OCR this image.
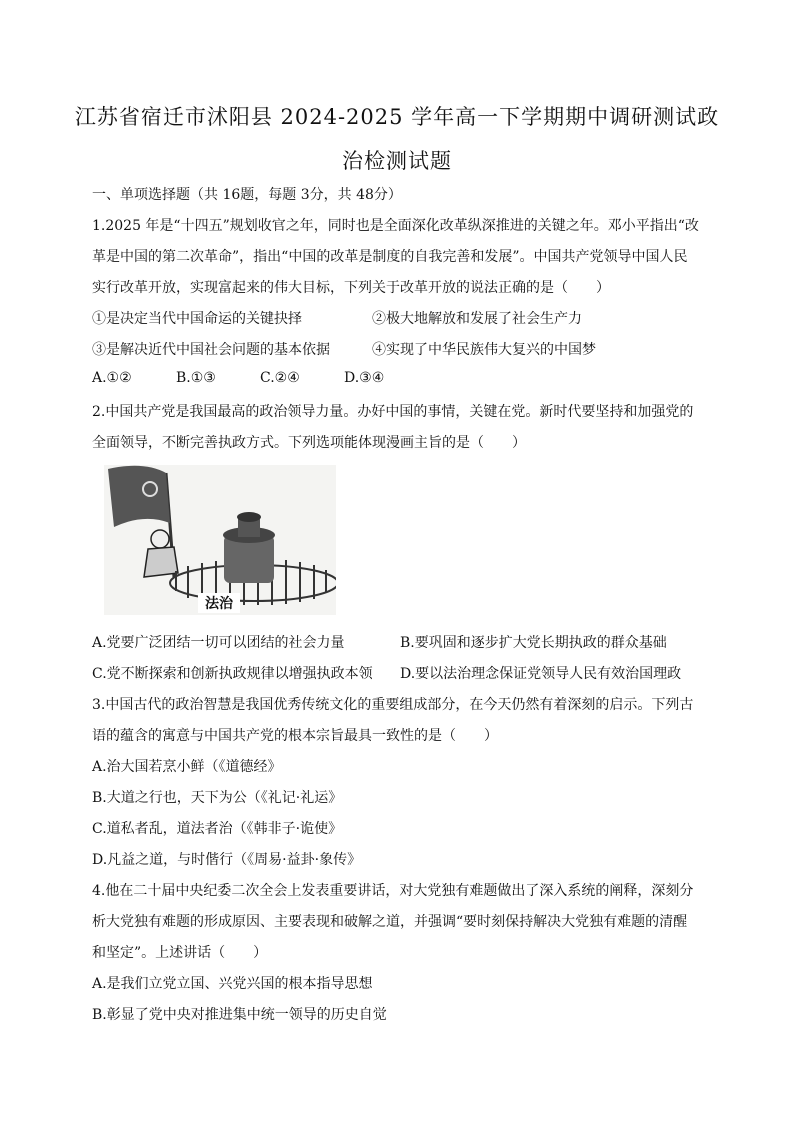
江苏省宿迁市沭阳县 2024-2025 学年高一下学期期中调研测试政
治检测试题
一、单项选择题（共 16题，每题 3分，共 48分）
1.2025 年是“十四五”规划收官之年，同时也是全面深化改革纵深推进的关键之年。邓小平指出“改
革是中国的第二次革命”，指出“中国的改革是制度的自我完善和发展”。中国共产党领导中国人民
实行改革开放，实现富起来的伟大目标，下列关于改革开放的说法正确的是（　　）
①是决定当代中国命运的关键抉择	②极大地解放和发展了社会生产力
③是解决近代中国社会问题的基本依据	④实现了中华民族伟大复兴的中国梦
A.①②	B.①③	C.②④	D.③④
2.中国共产党是我国最高的政治领导力量。办好中国的事情，关键在党。新时代要坚持和加强党的
全面领导，不断完善执政方式。下列选项能体现漫画主旨的是（　　）
法治
A.党要广泛团结一切可以团结的社会力量	B.要巩固和逐步扩大党长期执政的群众基础
C.党不断探索和创新执政规律以增强执政本领 D.要以法治理念保证党领导人民有效治国理政
3.中国古代的政治智慧是我国优秀传统文化的重要组成部分，在今天仍然有着深刻的启示。下列古
语的蕴含的寓意与中国共产党的根本宗旨最具一致性的是（　　）
A.治大国若烹小鲜（《道德经》
B.大道之行也，天下为公（《礼记·礼运》
C.道私者乱，道法者治（《韩非子·诡使》
D.凡益之道，与时偕行（《周易·益卦·象传》
4.他在二十届中央纪委二次全会上发表重要讲话，对大党独有难题做出了深入系统的阐释，深刻分
析大党独有难题的形成原因、主要表现和破解之道，并强调“要时刻保持解决大党独有难题的清醒
和坚定”。上述讲话（　　）
A.是我们立党立国、兴党兴国的根本指导思想
B.彰显了党中央对推进集中统一领导的历史自觉
